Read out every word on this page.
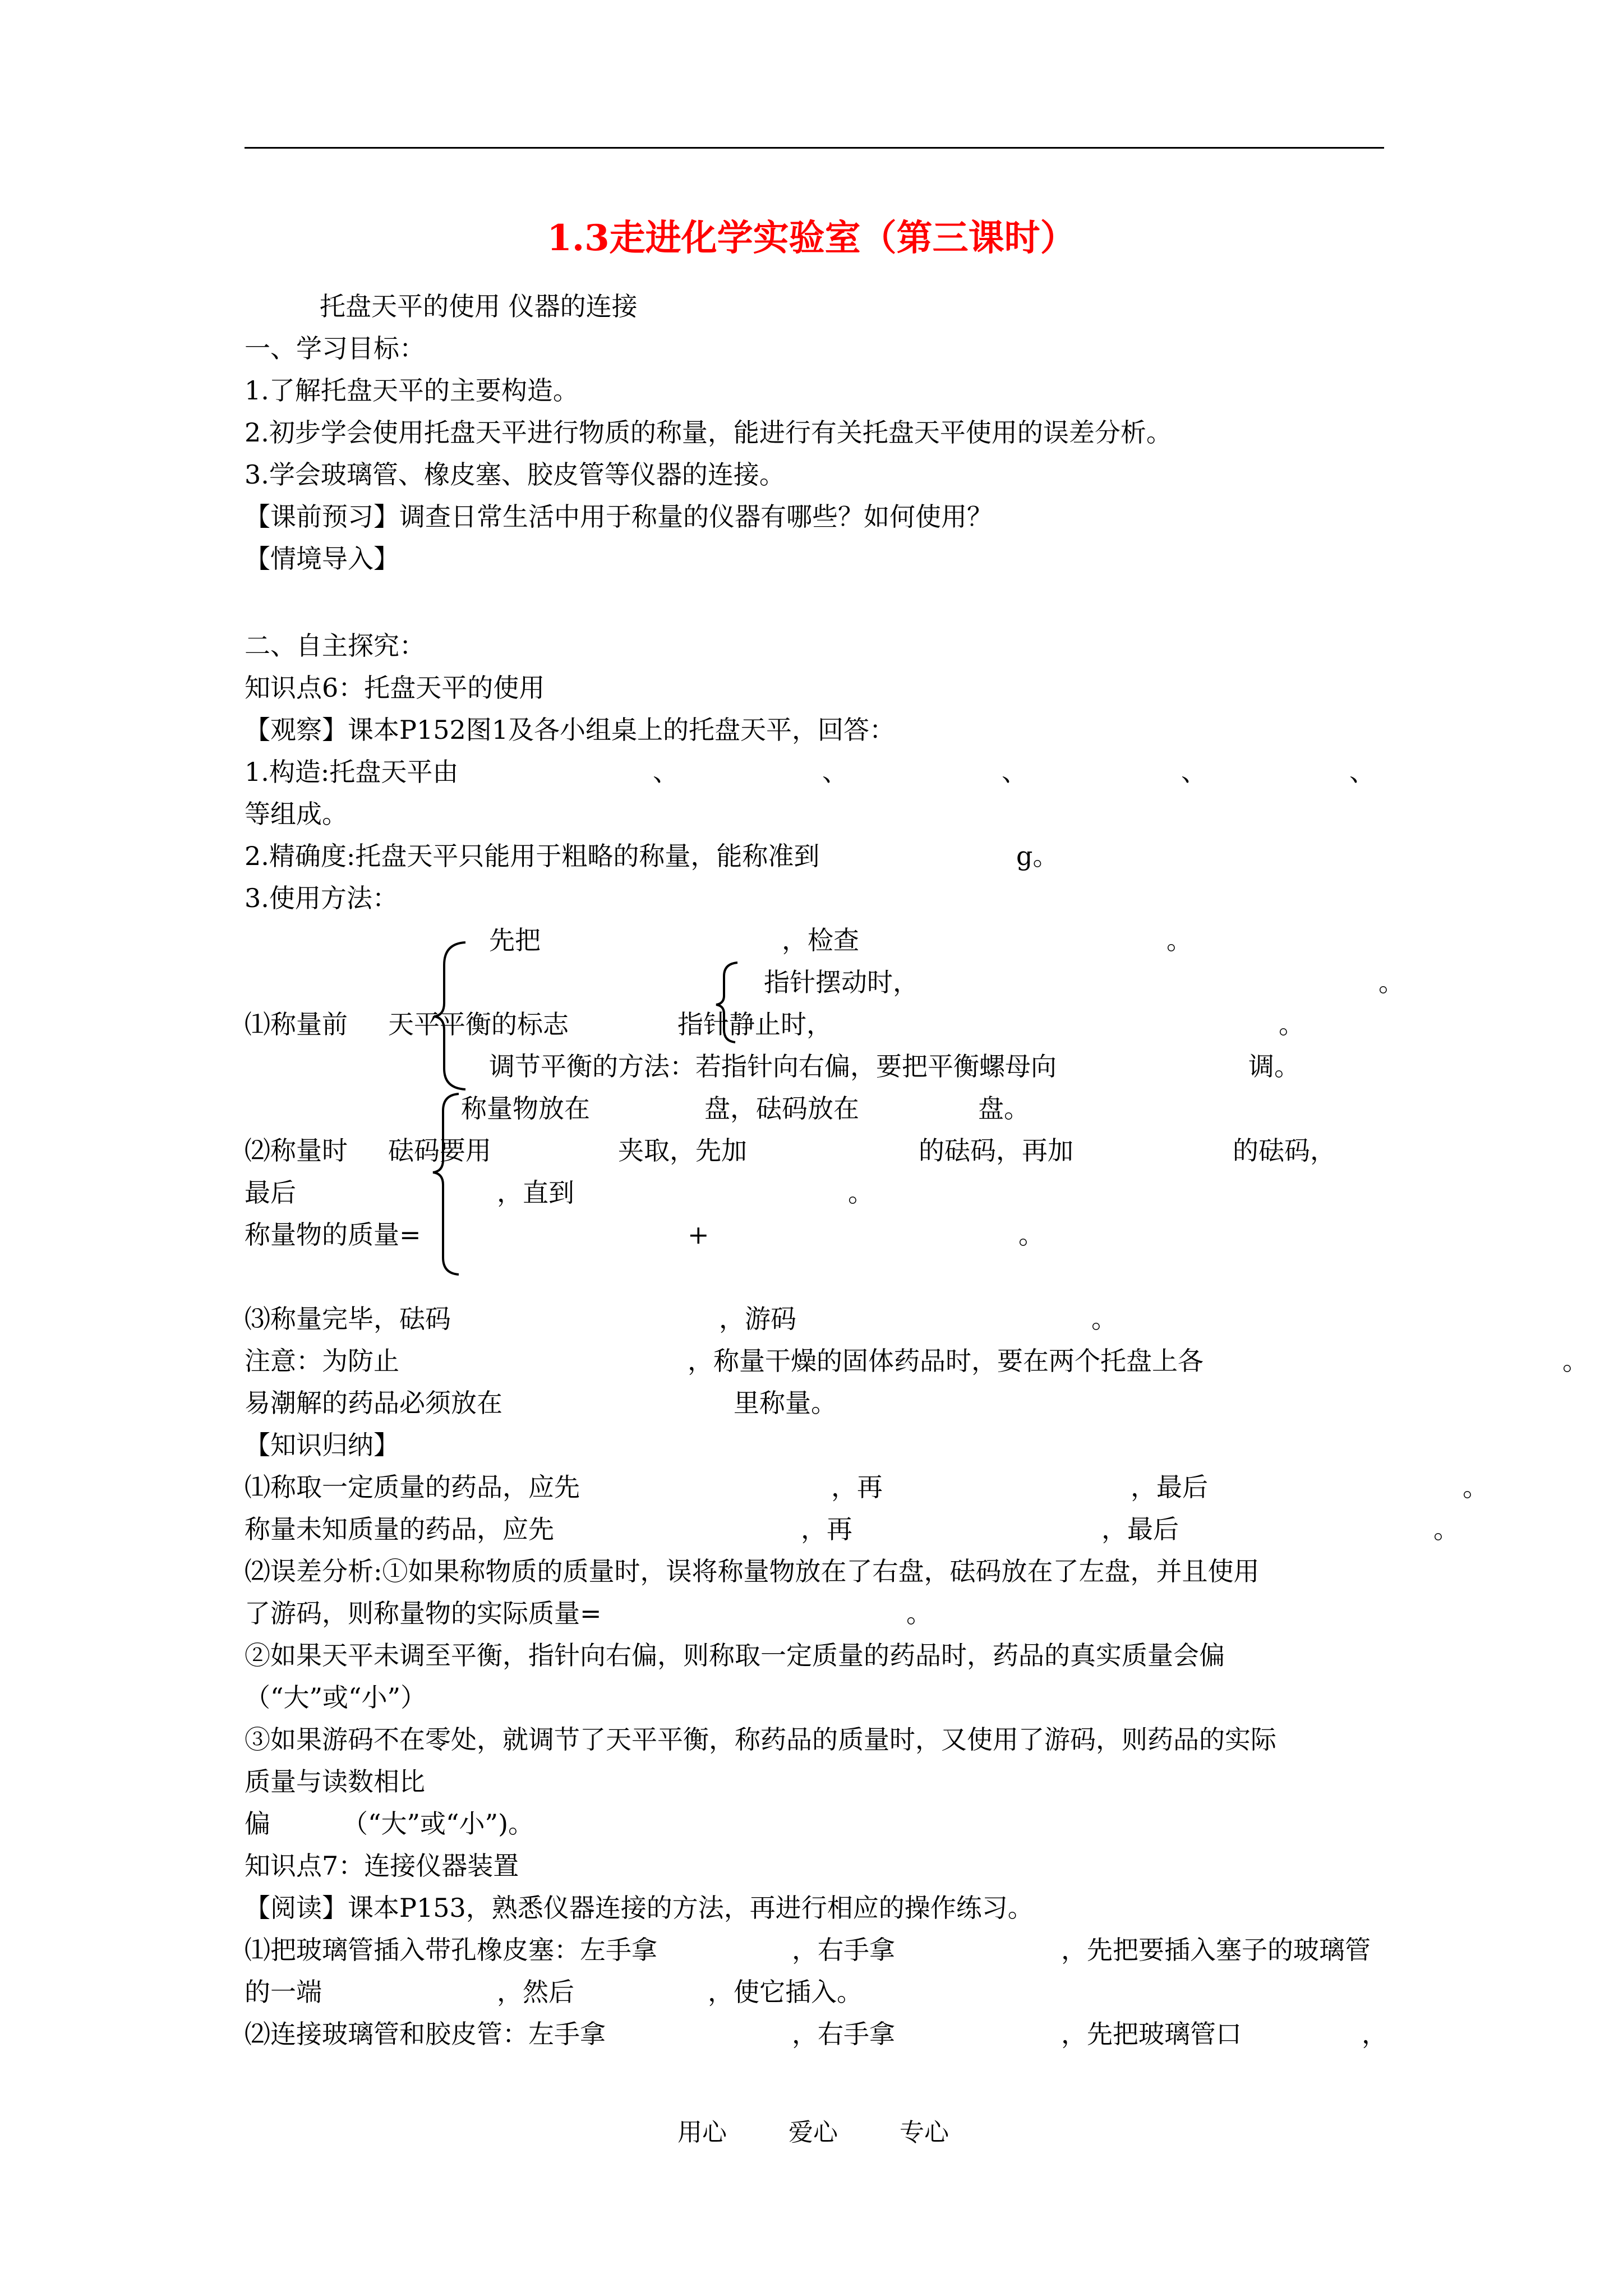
1.3走进化学实验室（第三课时）
托盘天平的使用 仪器的连接
一、学习目标：
1.了解托盘天平的主要构造。
2.初步学会使用托盘天平进行物质的称量，能进行有关托盘天平使用的误差分析。
3.学会玻璃管、橡皮塞、胶皮管等仪器的连接。
【课前预习】调查日常生活中用于称量的仪器有哪些？如何使用？
【情境导入】
二、自主探究：
知识点6：托盘天平的使用
【观察】课本P152图1及各小组桌上的托盘天平，回答：
1.构造:托盘天平由	、	、	、	、	、
等组成。
2.精确度:托盘天平只能用于粗略的称量，能称准到	g。
3.使用方法：
先把	，检查	。
指针摆动时，	。
⑴称量前 天平平衡的标志	指针静止时，	。
调节平衡的方法：若指针向右偏，要把平衡螺母向	调。
称量物放在	盘，砝码放在	盘。
⑵称量时 砝码要用	夹取，先加	的砝码，再加	的砝码，
最后	，直到	。
称量物的质量=	+	。
⑶称量完毕，砝码	，游码	。
注意：为防止	，称量干燥的固体药品时，要在两个托盘上各	。
易潮解的药品必须放在	里称量。
【知识归纳】
⑴称取一定质量的药品，应先	，再	，最后	。
称量未知质量的药品，应先	，再	，最后	。
⑵误差分析:①如果称物质的质量时，误将称量物放在了右盘，砝码放在了左盘，并且使用
了游码，则称量物的实际质量=	。
②如果天平未调至平衡，指针向右偏，则称取一定质量的药品时，药品的真实质量会偏
（“大”或“小”）
③如果游码不在零处，就调节了天平平衡，称药品的质量时，又使用了游码，则药品的实际
质量与读数相比
偏	（“大”或“小”)。
知识点7：连接仪器装置
【阅读】课本P153，熟悉仪器连接的方法，再进行相应的操作练习。
⑴把玻璃管插入带孔橡皮塞：左手拿	，右手拿	，先把要插入塞子的玻璃管
的一端	，然后	，使它插入。
⑵连接玻璃管和胶皮管：左手拿	，右手拿	，先把玻璃管口	，
用心	爱心	专心
